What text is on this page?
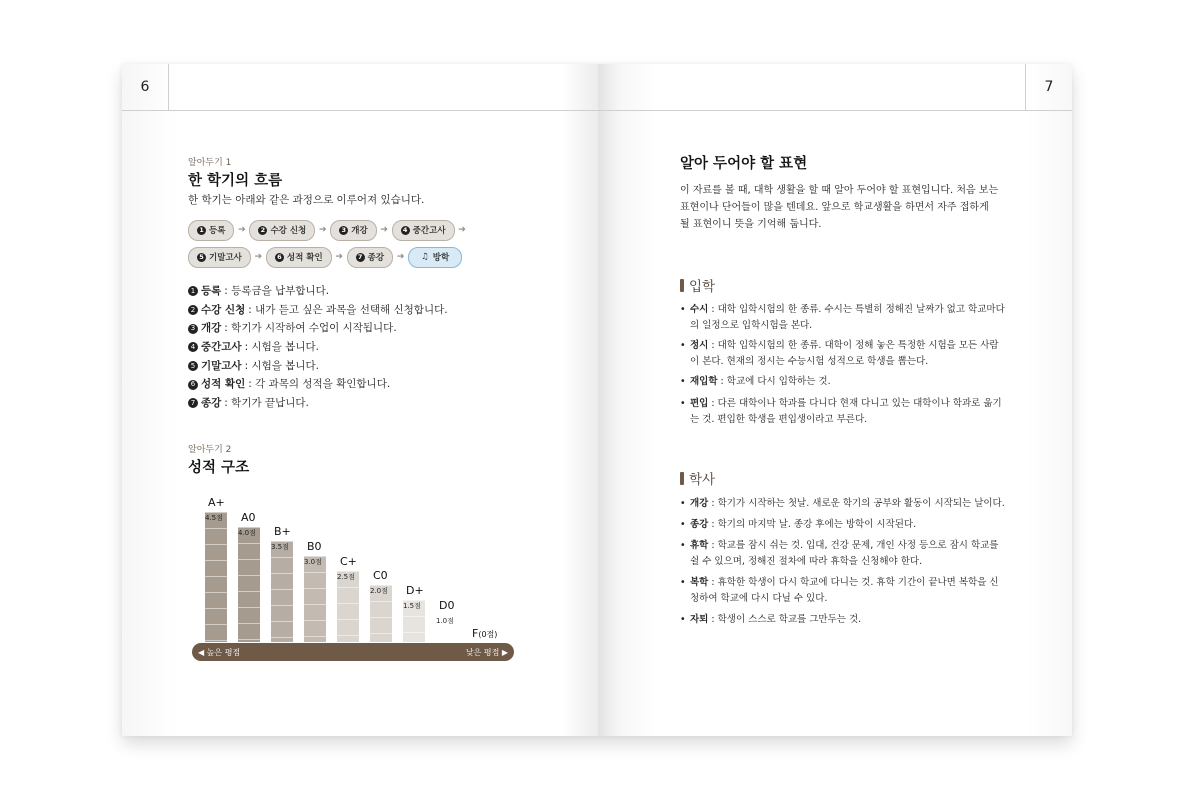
6
알아두기 1
한 학기의 흐름
한 학기는 아래와 같은 과정으로 이루어져 있습니다.
1 등록	➔	2 수강 신청	➔	3 개강	➔	4 중간고사	➔
5 기말고사	➔	6 성적 확인	➔	7 종강	➔	♫ 방학
1 등록 : 등록금을 납부합니다.
2 수강 신청 : 내가 듣고 싶은 과목을 선택해 신청합니다.
3 개강 : 학기가 시작하여 수업이 시작됩니다.
4 중간고사 : 시험을 봅니다.
5 기말고사 : 시험을 봅니다.
6 성적 확인 : 각 과목의 성적을 확인합니다.
7 종강 : 학기가 끝납니다.
알아두기 2
성적 구조
◀ 높은 평점	낮은 평점 ▶
4.5점
A+
4.0점
A0
3.5점
B+
3.0점
B0
2.5점
C+
2.0점
C0
1.5점
D+
1.0점
D0
F(0점)
7
알아 두어야 할 표현
이 자료를 볼 때, 대학 생활을 할 때 알아 두어야 할 표현입니다. 처음 보는
표현이나 단어들이 많을 텐데요. 앞으로 학교생활을 하면서 자주 접하게
될 표현이니 뜻을 기억해 둡니다.
입학
• 수시 : 대학 입학시험의 한 종류. 수시는 특별히 정해진 날짜가 없고 학교마다
의 일정으로 입학시험을 본다.
• 정시 : 대학 입학시험의 한 종류. 대학이 정해 놓은 특정한 시험을 모든 사람
이 본다. 현재의 정시는 수능시험 성적으로 학생을 뽑는다.
• 재입학 : 학교에 다시 입학하는 것.
• 편입 : 다른 대학이나 학과를 다니다 현재 다니고 있는 대학이나 학과로 옮기
는 것. 편입한 학생을 편입생이라고 부른다.
학사
• 개강 : 학기가 시작하는 첫날. 새로운 학기의 공부와 활동이 시작되는 날이다.
• 종강 : 학기의 마지막 날. 종강 후에는 방학이 시작된다.
• 휴학 : 학교를 잠시 쉬는 것. 입대, 건강 문제, 개인 사정 등으로 잠시 학교를
쉴 수 있으며, 정해진 절차에 따라 휴학을 신청해야 한다.
• 복학 : 휴학한 학생이 다시 학교에 다니는 것. 휴학 기간이 끝나면 복학을 신
청하여 학교에 다시 다닐 수 있다.
• 자퇴 : 학생이 스스로 학교를 그만두는 것.
